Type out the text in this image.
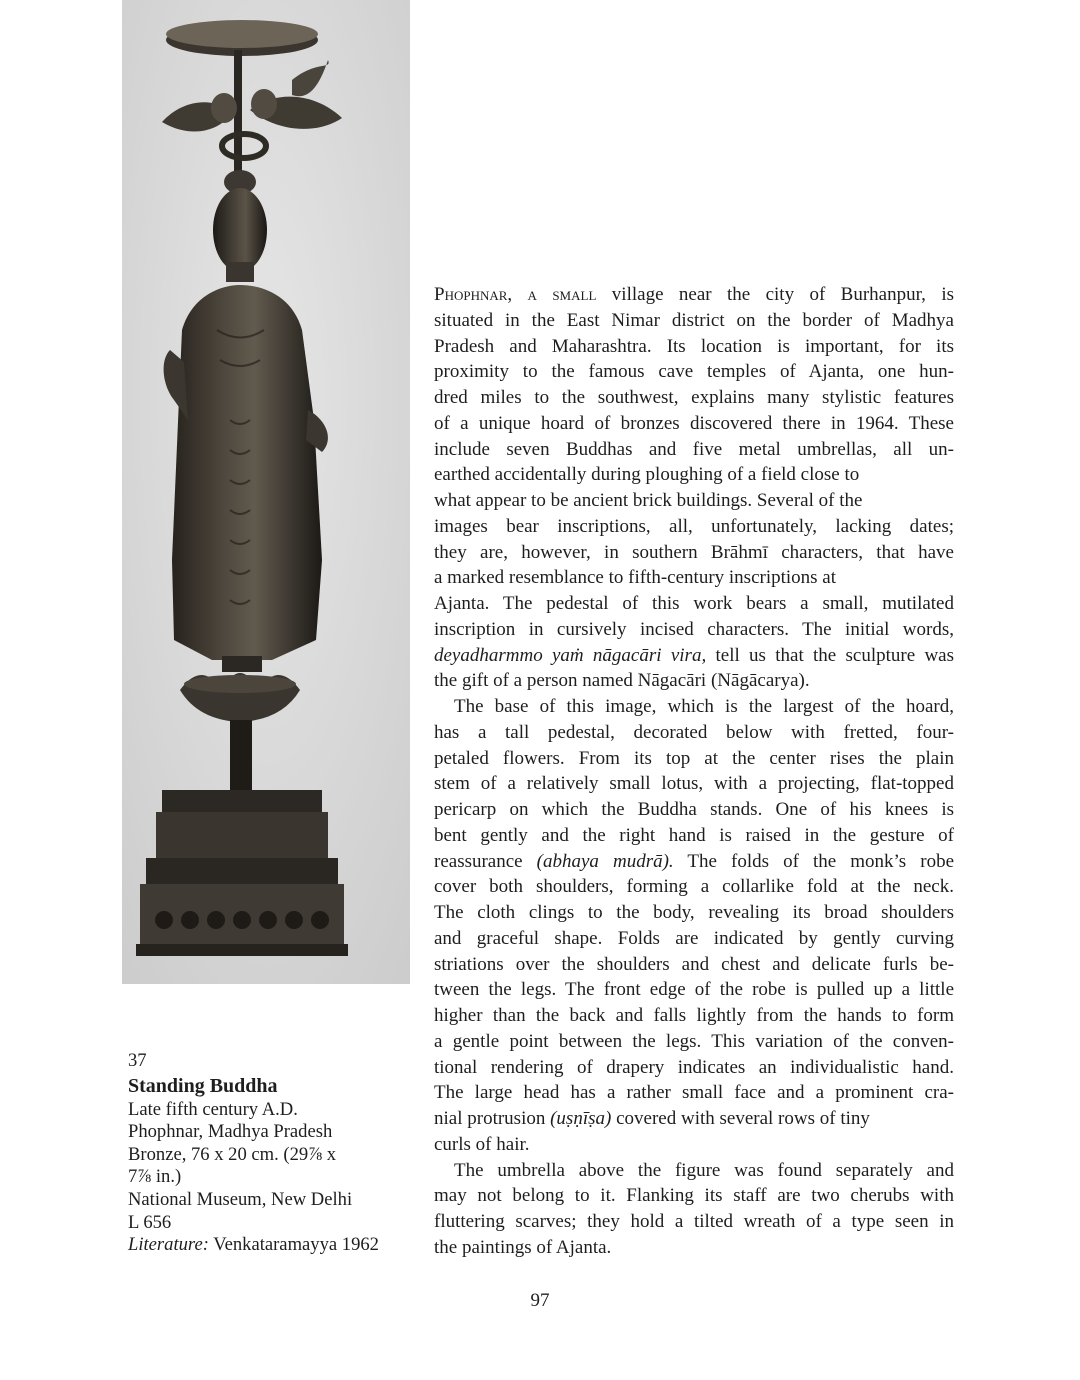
37
Standing Buddha
Late fifth century A.D.
Phophnar, Madhya Pradesh
Bronze, 76 x 20 cm. (29⅞ x
7⅞ in.)
National Museum, New Delhi
L 656
Literature: Venkataramayya 1962
Phophnar, a small village near the city of Burhanpur, is
situated in the East Nimar district on the border of Madhya
Pradesh and Maharashtra. Its location is important, for its
proximity to the famous cave temples of Ajanta, one hun-
dred miles to the southwest, explains many stylistic features
of a unique hoard of bronzes discovered there in 1964. These
include seven Buddhas and five metal umbrellas, all un-
earthed accidentally during ploughing of a field close to
what appear to be ancient brick buildings. Several of the
images bear inscriptions, all, unfortunately, lacking dates;
they are, however, in southern Brāhmī characters, that have
a marked resemblance to fifth-century inscriptions at
Ajanta. The pedestal of this work bears a small, mutilated
inscription in cursively incised characters. The initial words,
deyadharmmo yaṁ nāgacāri vira, tell us that the sculpture was
the gift of a person named Nāgacāri (Nāgācarya).
The base of this image, which is the largest of the hoard,
has a tall pedestal, decorated below with fretted, four-
petaled flowers. From its top at the center rises the plain
stem of a relatively small lotus, with a projecting, flat-topped
pericarp on which the Buddha stands. One of his knees is
bent gently and the right hand is raised in the gesture of
reassurance (abhaya mudrā). The folds of the monk’s robe
cover both shoulders, forming a collarlike fold at the neck.
The cloth clings to the body, revealing its broad shoulders
and graceful shape. Folds are indicated by gently curving
striations over the shoulders and chest and delicate furls be-
tween the legs. The front edge of the robe is pulled up a little
higher than the back and falls lightly from the hands to form
a gentle point between the legs. This variation of the conven-
tional rendering of drapery indicates an individualistic hand.
The large head has a rather small face and a prominent cra-
nial protrusion (uṣṇīṣa) covered with several rows of tiny
curls of hair.
The umbrella above the figure was found separately and
may not belong to it. Flanking its staff are two cherubs with
fluttering scarves; they hold a tilted wreath of a type seen in
the paintings of Ajanta.
97
